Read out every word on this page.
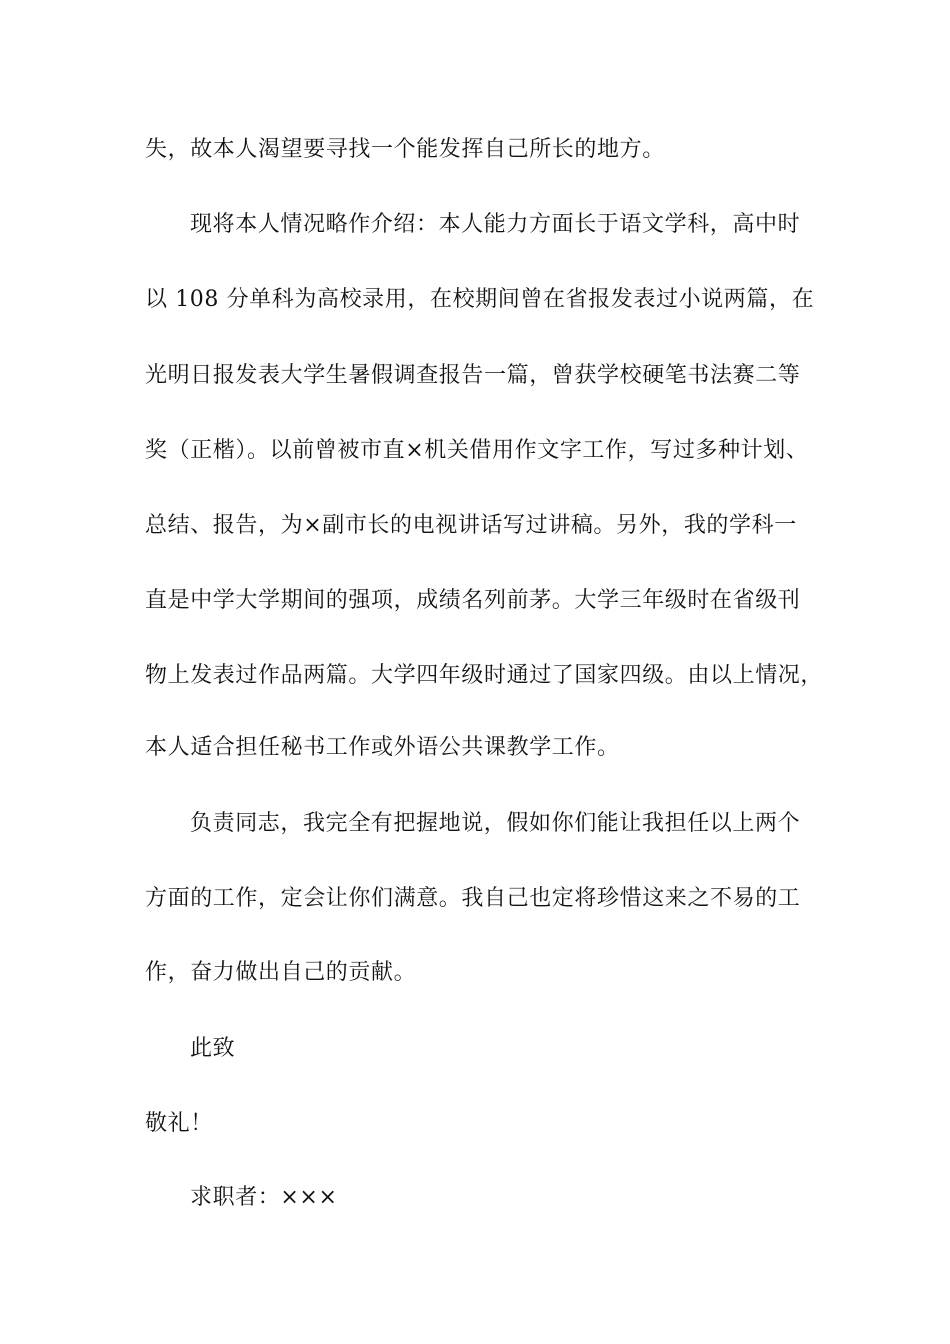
失，故本人渴望要寻找一个能发挥自己所长的地方。
现将本人情况略作介绍：本人能力方面长于语文学科，高中时
以 108 分单科为高校录用，在校期间曾在省报发表过小说两篇，在
光明日报发表大学生暑假调查报告一篇，曾获学校硬笔书法赛二等
奖（正楷）。以前曾被市直×机关借用作文字工作，写过多种计划、
总结、报告，为×副市长的电视讲话写过讲稿。另外，我的学科一
直是中学大学期间的强项，成绩名列前茅。大学三年级时在省级刊
物上发表过作品两篇。大学四年级时通过了国家四级。由以上情况，
本人适合担任秘书工作或外语公共课教学工作。
负责同志，我完全有把握地说，假如你们能让我担任以上两个
方面的工作，定会让你们满意。我自己也定将珍惜这来之不易的工
作，奋力做出自己的贡献。
此致
敬礼！
求职者：×××
